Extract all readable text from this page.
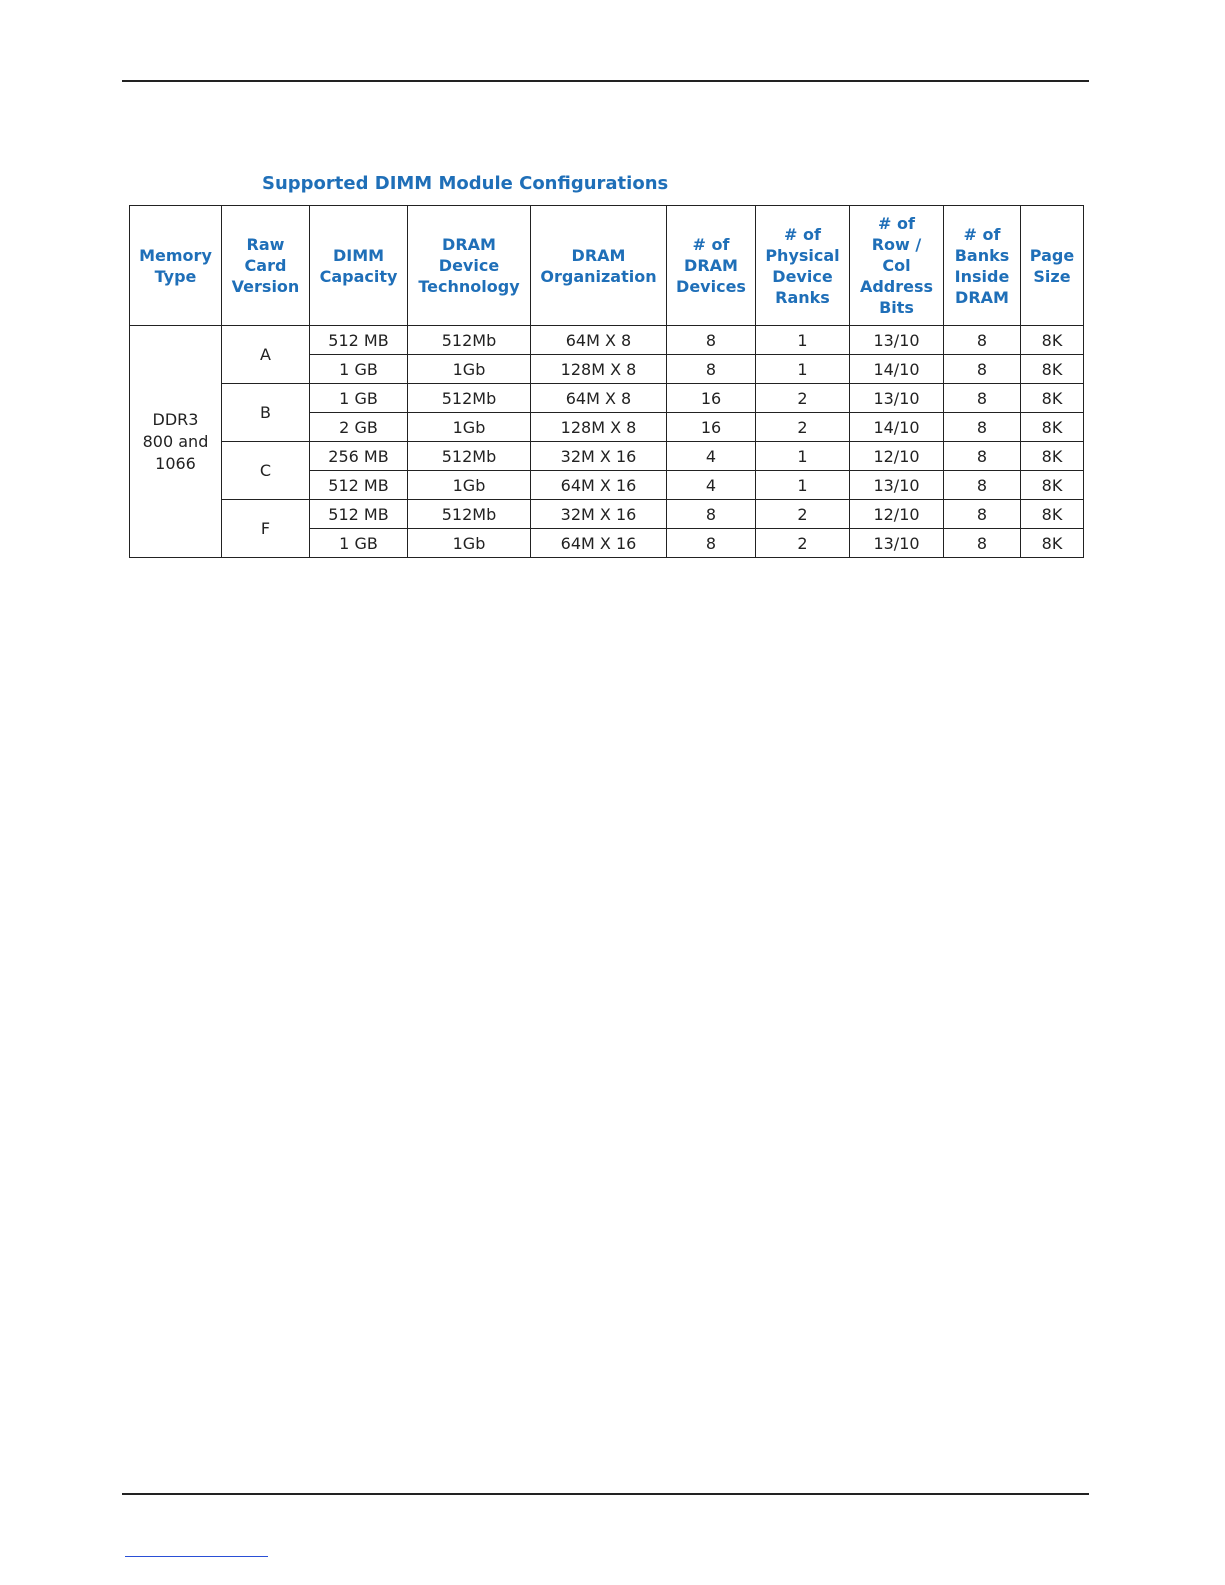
Supported DIMM Module Configurations
Memory
Type	Raw
Card
Version	DIMM
Capacity	DRAM
Device
Technology	DRAM
Organization	# of
DRAM
Devices	# of
Physical
Device
Ranks	# of
Row /
Col
Address
Bits	# of
Banks
Inside
DRAM	Page
Size
DDR3
800 and
1066	A	512 MB	512Mb	64M X 8	8	1	13/10	8	8K
		1 GB	1Gb	128M X 8	8	1	14/10	8	8K
	B	1 GB	512Mb	64M X 8	16	2	13/10	8	8K
		2 GB	1Gb	128M X 8	16	2	14/10	8	8K
	C	256 MB	512Mb	32M X 16	4	1	12/10	8	8K
		512 MB	1Gb	64M X 16	4	1	13/10	8	8K
	F	512 MB	512Mb	32M X 16	8	2	12/10	8	8K
		1 GB	1Gb	64M X 16	8	2	13/10	8	8K
